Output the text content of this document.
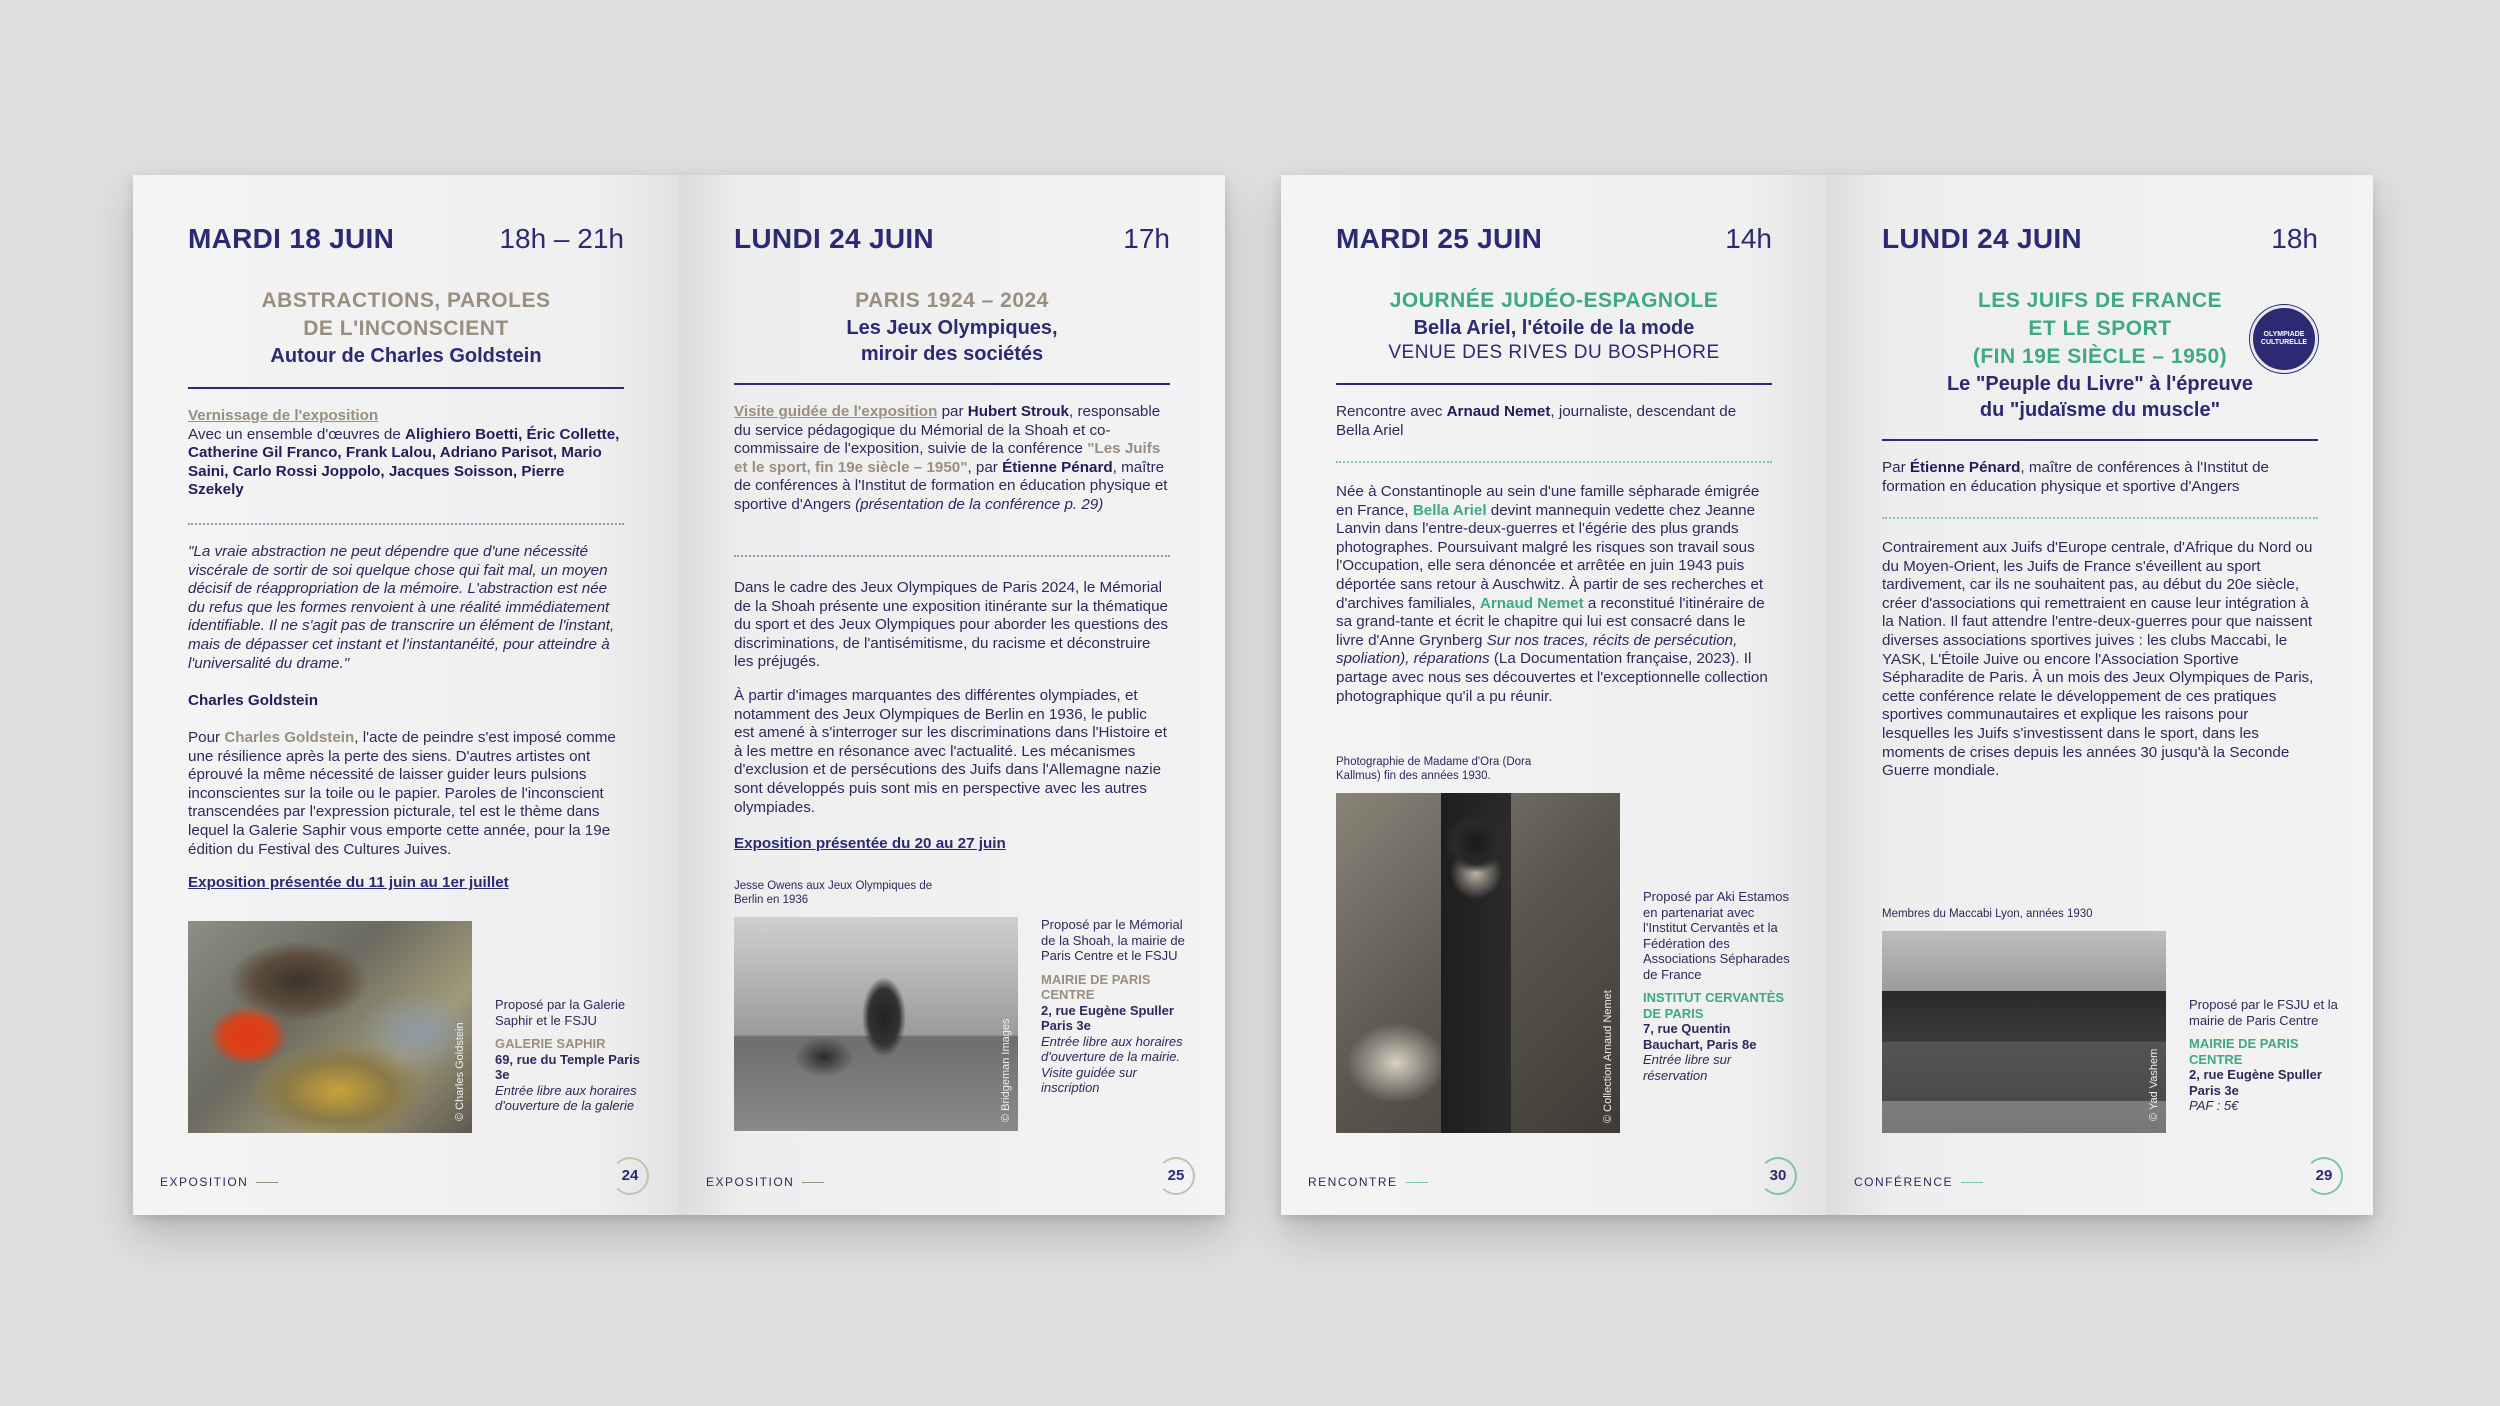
MARDI 18 JUIN	18h – 21h
ABSTRACTIONS, PAROLES
DE L'INCONSCIENT
Autour de Charles Goldstein
Vernissage de l'exposition
Avec un ensemble d'œuvres de Alighiero Boetti, Éric Collette, Catherine Gil Franco, Frank Lalou, Adriano Parisot, Mario Saini, Carlo Rossi Joppolo, Jacques Soisson, Pierre Szekely
"La vraie abstraction ne peut dépendre que d'une nécessité viscérale de sortir de soi quelque chose qui fait mal, un moyen décisif de réappropriation de la mémoire. L'abstraction est née du refus que les formes renvoient à une réalité immédiatement identifiable. Il ne s'agit pas de transcrire un élément de l'instant, mais de dépasser cet instant et l'instantanéité, pour atteindre à l'universalité du drame."
Charles Goldstein
Pour Charles Goldstein, l'acte de peindre s'est imposé comme une résilience après la perte des siens. D'autres artistes ont éprouvé la même nécessité de laisser guider leurs pulsions inconscientes sur la toile ou le papier. Paroles de l'inconscient transcendées par l'expression picturale, tel est le thème dans lequel la Galerie Saphir vous emporte cette année, pour la 19e édition du Festival des Cultures Juives.
Exposition présentée du 11 juin au 1er juillet
© Charles Goldstein
Proposé par la Galerie Saphir et le FSJU
GALERIE SAPHIR
69, rue du Temple Paris 3e
Entrée libre aux horaires d'ouverture de la galerie
EXPOSITION	24
LUNDI 24 JUIN	17h
PARIS 1924 – 2024
Les Jeux Olympiques,
miroir des sociétés
Visite guidée de l'exposition par Hubert Strouk, responsable du service pédagogique du Mémorial de la Shoah et co-commissaire de l'exposition, suivie de la conférence "Les Juifs et le sport, fin 19e siècle – 1950", par Étienne Pénard, maître de conférences à l'Institut de formation en éducation physique et sportive d'Angers (présentation de la conférence p. 29)
Dans le cadre des Jeux Olympiques de Paris 2024, le Mémorial de la Shoah présente une exposition itinérante sur la thématique du sport et des Jeux Olympiques pour aborder les questions des discriminations, de l'antisémitisme, du racisme et déconstruire les préjugés.
À partir d'images marquantes des différentes olympiades, et notamment des Jeux Olympiques de Berlin en 1936, le public est amené à s'interroger sur les discriminations dans l'Histoire et à les mettre en résonance avec l'actualité. Les mécanismes d'exclusion et de persécutions des Juifs dans l'Allemagne nazie sont développés puis sont mis en perspective avec les autres olympiades.
Exposition présentée du 20 au 27 juin
Jesse Owens aux Jeux Olympiques de Berlin en 1936
© Bridgeman Images
Proposé par le Mémorial de la Shoah, la mairie de Paris Centre et le FSJU
MAIRIE DE PARIS CENTRE
2, rue Eugène Spuller Paris 3e
Entrée libre aux horaires d'ouverture de la mairie. Visite guidée sur inscription
EXPOSITION	25
MARDI 25 JUIN	14h
JOURNÉE JUDÉO-ESPAGNOLE
Bella Ariel, l'étoile de la mode
VENUE DES RIVES DU BOSPHORE
Rencontre avec Arnaud Nemet, journaliste, descendant de Bella Ariel
Née à Constantinople au sein d'une famille sépharade émigrée en France, Bella Ariel devint mannequin vedette chez Jeanne Lanvin dans l'entre-deux-guerres et l'égérie des plus grands photographes. Poursuivant malgré les risques son travail sous l'Occupation, elle sera dénoncée et arrêtée en juin 1943 puis déportée sans retour à Auschwitz. À partir de ses recherches et d'archives familiales, Arnaud Nemet a reconstitué l'itinéraire de sa grand-tante et écrit le chapitre qui lui est consacré dans le livre d'Anne Grynberg Sur nos traces, récits de persécution, spoliation), réparations (La Documentation française, 2023). Il partage avec nous ses découvertes et l'exceptionnelle collection photographique qu'il a pu réunir.
Photographie de Madame d'Ora (Dora Kallmus) fin des années 1930.
© Collection Arnaud Nemet
Proposé par Aki Estamos en partenariat avec l'Institut Cervantès et la Fédération des Associations Sépharades de France
INSTITUT CERVANTÈS DE PARIS
7, rue Quentin Bauchart, Paris 8e
Entrée libre sur réservation
RENCONTRE	30
LUNDI 24 JUIN	18h
LES JUIFS DE FRANCE
ET LE SPORT
(FIN 19E SIÈCLE – 1950)
Le "Peuple du Livre" à l'épreuve
du "judaïsme du muscle"
OLYMPIADE CULTURELLE
Par Étienne Pénard, maître de conférences à l'Institut de formation en éducation physique et sportive d'Angers
Contrairement aux Juifs d'Europe centrale, d'Afrique du Nord ou du Moyen-Orient, les Juifs de France s'éveillent au sport tardivement, car ils ne souhaitent pas, au début du 20e siècle, créer d'associations qui remettraient en cause leur intégration à la Nation. Il faut attendre l'entre-deux-guerres pour que naissent diverses associations sportives juives : les clubs Maccabi, le YASK, L'Étoile Juive ou encore l'Association Sportive Sépharadite de Paris. À un mois des Jeux Olympiques de Paris, cette conférence relate le développement de ces pratiques sportives communautaires et explique les raisons pour lesquelles les Juifs s'investissent dans le sport, dans les moments de crises depuis les années 30 jusqu'à la Seconde Guerre mondiale.
Membres du Maccabi Lyon, années 1930
© Yad Vashem
Proposé par le FSJU et la mairie de Paris Centre
MAIRIE DE PARIS CENTRE
2, rue Eugène Spuller Paris 3e
PAF : 5€
CONFÉRENCE	29
